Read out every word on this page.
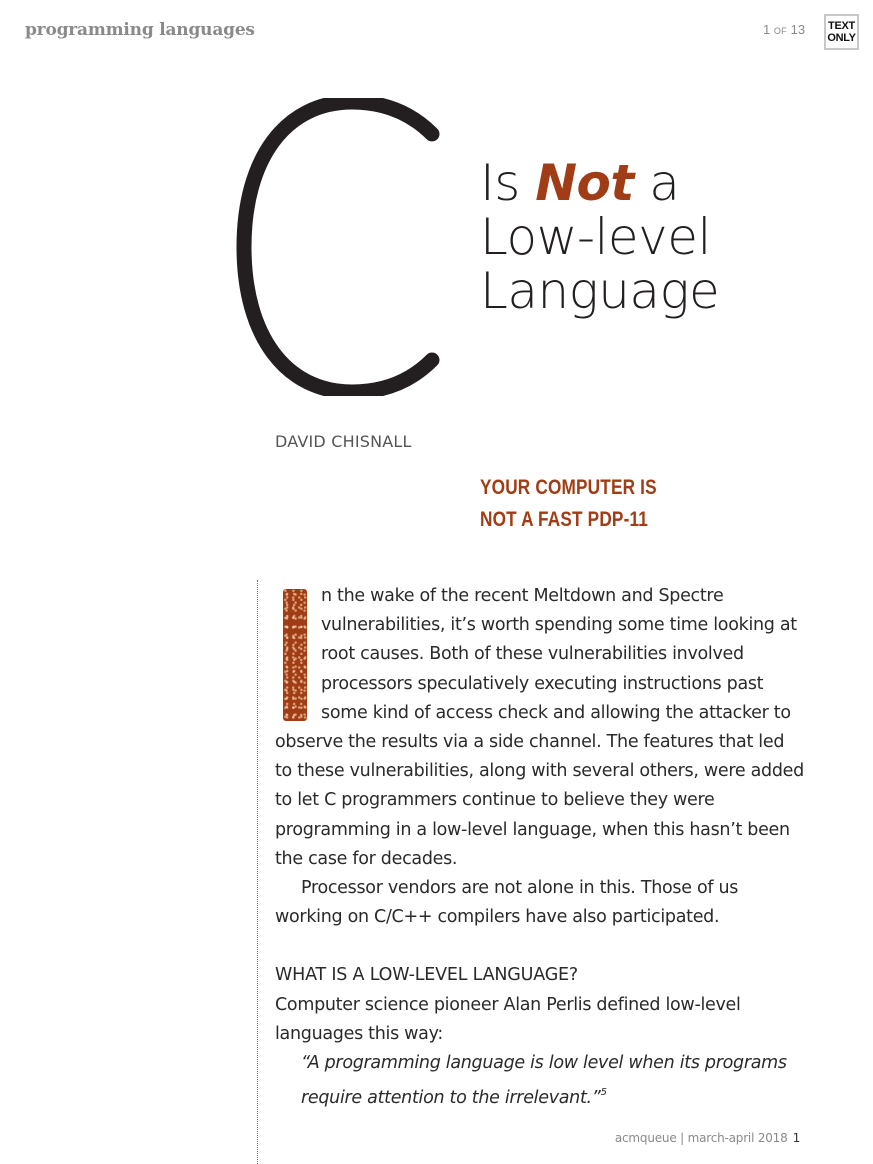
programming languages	1 OF 13 TEXT
ONLY
Is Not a
Low-level
Language
DAVID CHISNALL
YOUR COMPUTER IS
NOT A FAST PDP-11

n the wake of the recent Meltdown and Spectre vulnerabilities, it’s worth spending some time looking at root causes. Both of these vulnerabilities involved processors speculatively executing instructions past some kind of access check and allowing the attacker to observe the results via a side channel. The features that led to these vulnerabilities, along with several others, were added to let C programmers continue to believe they were programming in a low-level language, when this hasn’t been the case for decades.

Processor vendors are not alone in this. Those of us working on C/C++ compilers have also participated.

WHAT IS A LOW-LEVEL LANGUAGE?

Computer science pioneer Alan Perlis defined low-level languages this way:

“A programming language is low level when its programs require attention to the irrelevant.”$^5$

acmqueue | march-april 2018 1
